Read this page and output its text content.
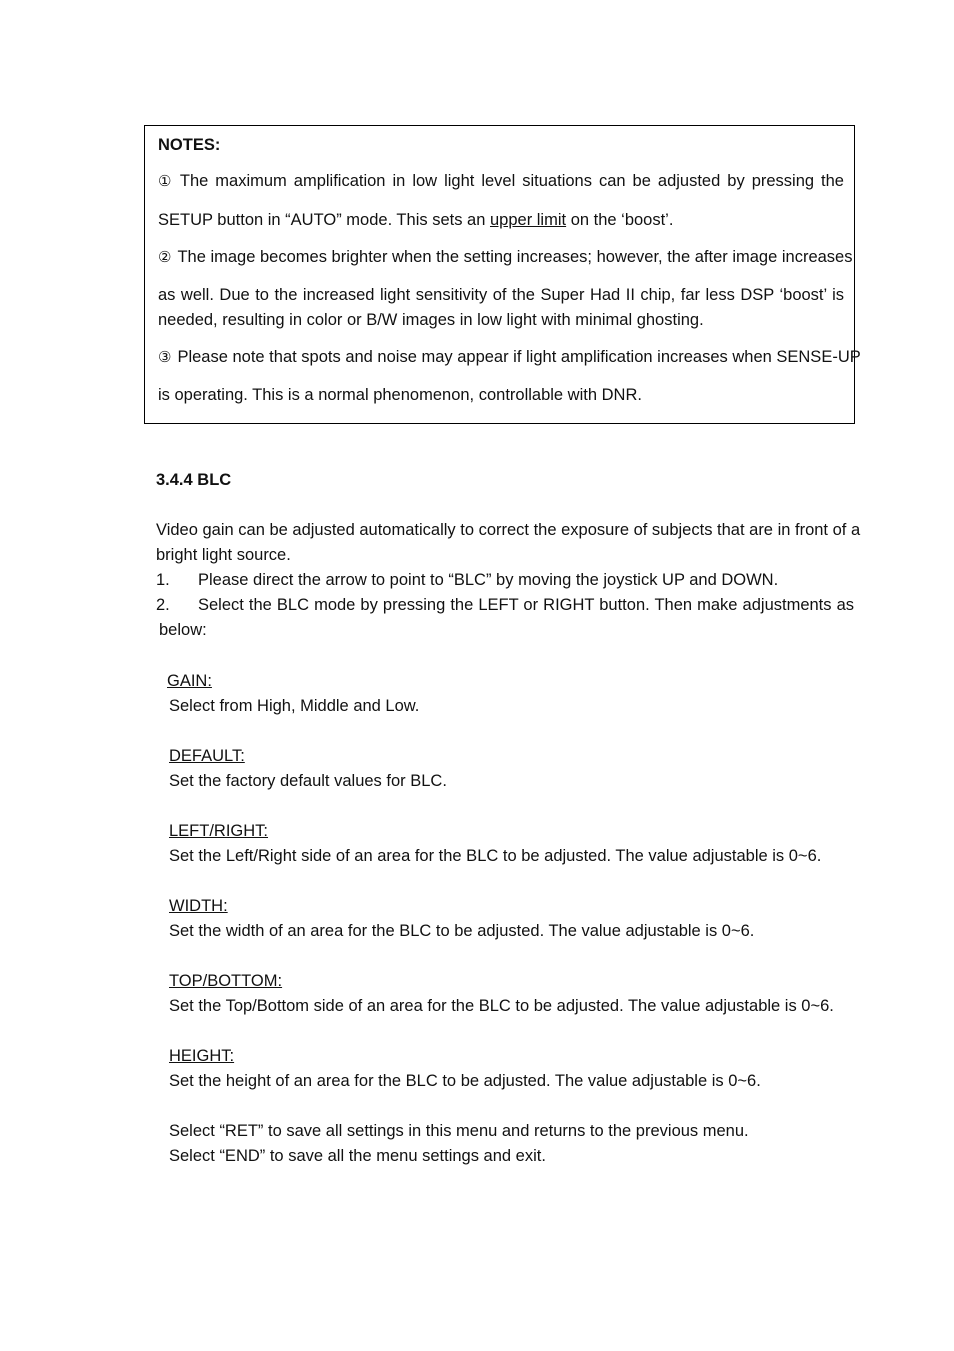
NOTES:
① The maximum amplification in low light level situations can be adjusted by pressing the
SETUP button in “AUTO” mode. This sets an upper limit on the ‘boost’.
② The image becomes brighter when the setting increases; however, the after image increases
as well. Due to the increased light sensitivity of the Super Had II chip, far less DSP ‘boost’ is
needed, resulting in color or B/W images in low light with minimal ghosting.
③ Please note that spots and noise may appear if light amplification increases when SENSE-UP
is operating. This is a normal phenomenon, controllable with DNR.
3.4.4 BLC
Video gain can be adjusted automatically to correct the exposure of subjects that are in front of a
bright light source.
1. Please direct the arrow to point to “BLC” by moving the joystick UP and DOWN.
2.	Select the BLC mode by pressing the LEFT or RIGHT button. Then make adjustments as
below:
GAIN:
Select from High, Middle and Low.
DEFAULT:
Set the factory default values for BLC.
LEFT/RIGHT:
Set the Left/Right side of an area for the BLC to be adjusted. The value adjustable is 0~6.
WIDTH:
Set the width of an area for the BLC to be adjusted. The value adjustable is 0~6.
TOP/BOTTOM:
Set the Top/Bottom side of an area for the BLC to be adjusted. The value adjustable is 0~6.
HEIGHT:
Set the height of an area for the BLC to be adjusted. The value adjustable is 0~6.
Select “RET” to save all settings in this menu and returns to the previous menu.
Select “END” to save all the menu settings and exit.
